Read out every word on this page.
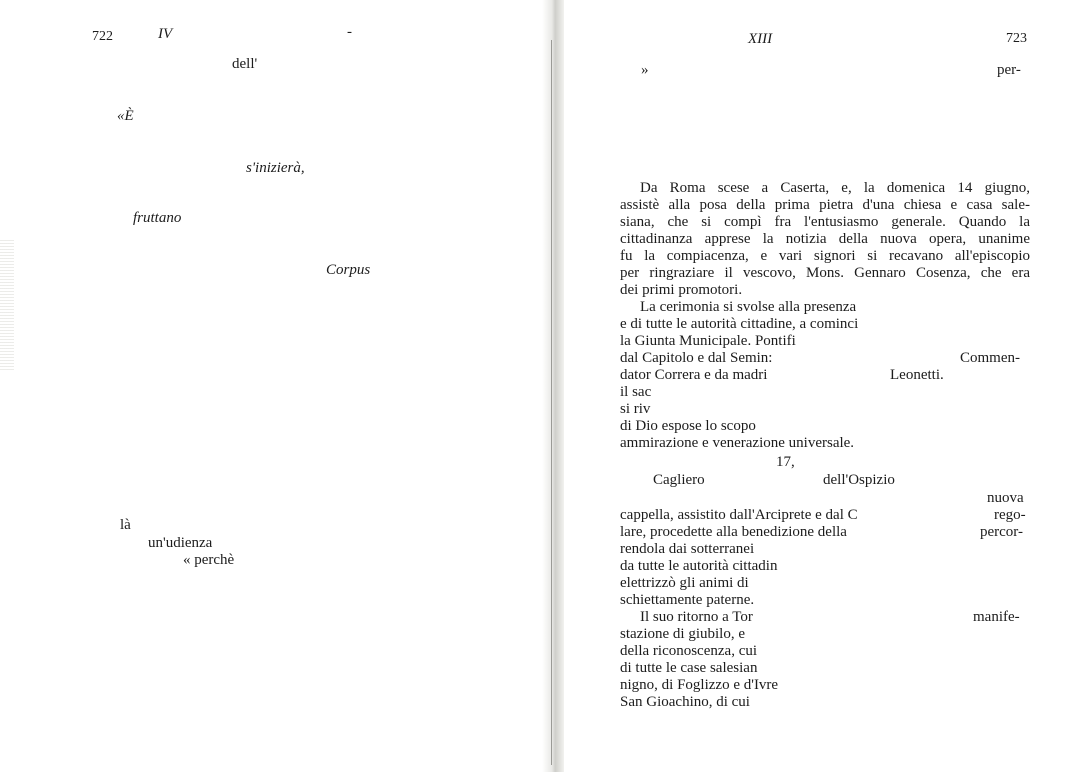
722	IV	-
dell'
«È
s'inizierà,
fruttano
Corpus
là
un'udienza
« perchè
XIII	723
»	per-
Da Roma scese a Caserta, e, la domenica 14 giugno,
assistè alla posa della prima pietra d'una chiesa e casa sale-
siana, che si compì fra l'entusiasmo generale. Quando la
cittadinanza apprese la notizia della nuova opera, unanime
fu la compiacenza, e vari signori si recavano all'episcopio
per ringraziare il vescovo, Mons. Gennaro Cosenza, che era
dei primi promotori.
La cerimonia si svolse alla presenza
e di tutte le autorità cittadine, a cominci
la Giunta Municipale. Pontifi
dal Capitolo e dal Semin:	Commen-
dator Correra e da madri	Leonetti.
il sac
si riv
di Dio espose lo scopo
ammirazione e venerazione universale.
17,
Cagliero	dell'Ospizio
nuova
cappella, assistito dall'Arciprete e dal C	rego-
lare, procedette alla benedizione della	percor-
rendola dai sotterranei
da tutte le autorità cittadin
elettrizzò gli animi di
schiettamente paterne.
Il suo ritorno a Tor	manife-
stazione di giubilo, e
della riconoscenza, cui
di tutte le case salesian
nigno, di Foglizzo e d'Ivre
San Gioachino, di cui
